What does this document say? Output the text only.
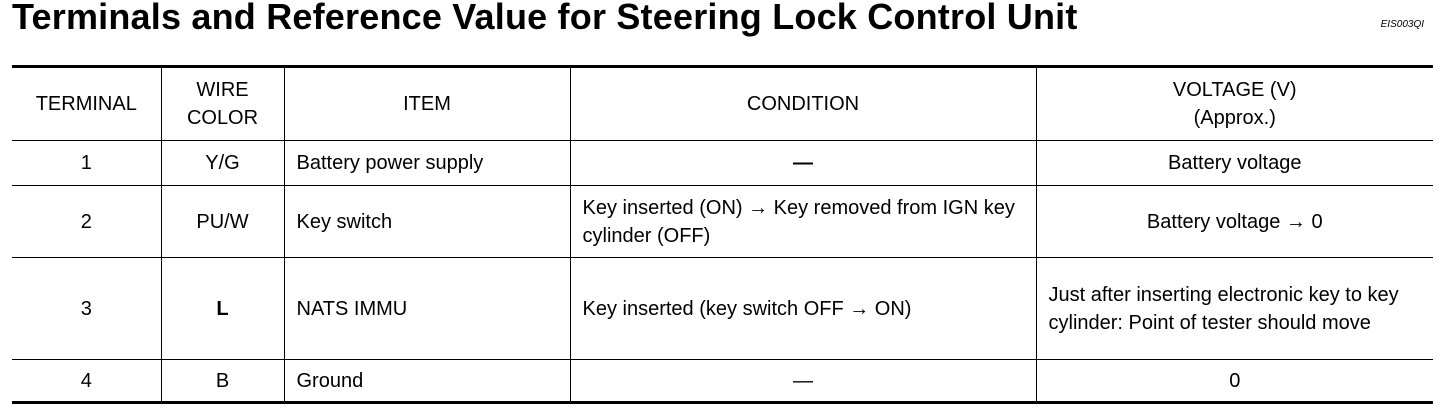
Terminals and Reference Value for Steering Lock Control Unit	EIS003QI
TERMINAL	WIRE COLOR	ITEM	CONDITION	VOLTAGE (V)
(Approx.)

1	Y/G	Battery power supply	—	Battery voltage
2	PU/W	Key switch	Key inserted (ON) → Key removed from IGN key cylinder (OFF)	Battery voltage → 0
3	L	NATS IMMU	Key inserted (key switch OFF → ON)	Just after inserting electronic key to key cylinder: Point of tester should move
4	B	Ground	—	0
